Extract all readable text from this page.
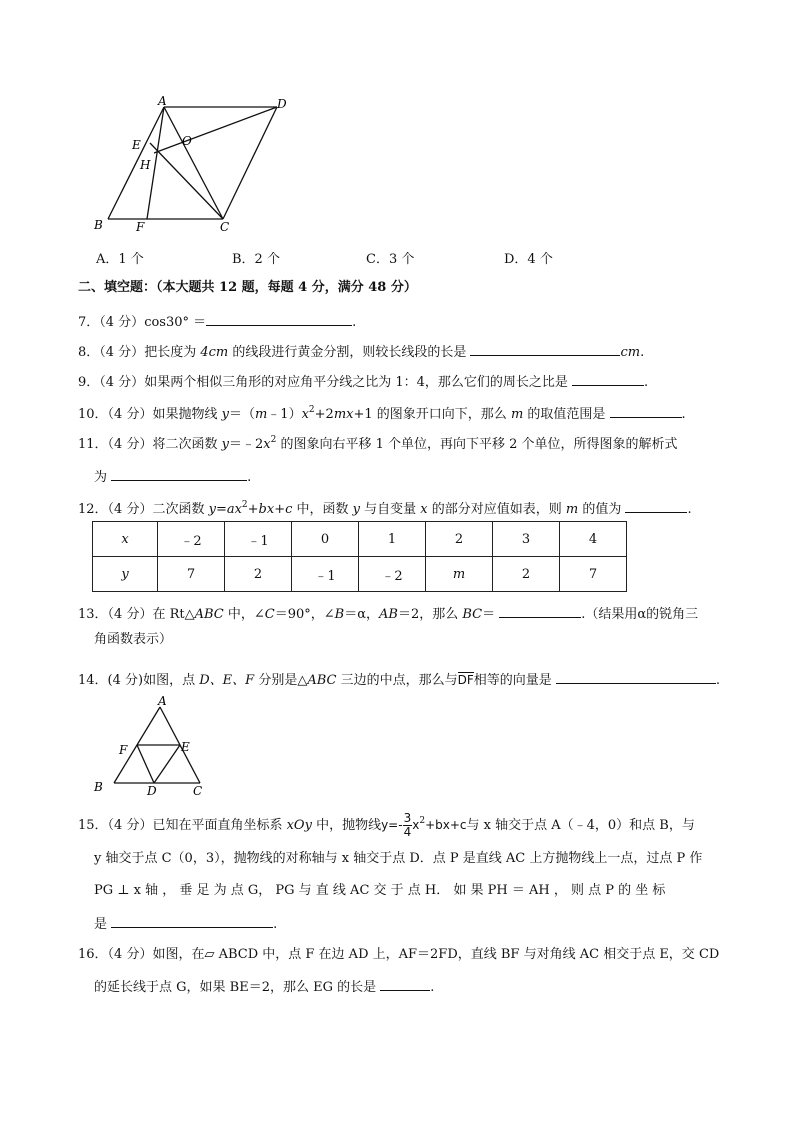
A	D
E
H
O
B	F	C
A．1 个	B．2 个	C．3 个	D．4 个
二、填空题：（本大题共 12 题，每题 4 分，满分 48 分）
7．（4 分）cos30° ＝	.
8．（4 分）把长度为 4cm 的线段进行黄金分割，则较长线段的长是	cm.
9．（4 分）如果两个相似三角形的对应角平分线之比为 1：4，那么它们的周长之比是	.
10．（4 分）如果抛物线 $y=(m﹣1)x^2+2mx+1$ 的图象开口向下，那么 m 的取值范围是	.
11．（4 分）将二次函数 $y=﹣2x^2$ 的图象向右平移 1 个单位，再向下平移 2 个单位，所得图象的解析式
为	.
12．（4 分）二次函数 $y=ax^2+bx+c$ 中，函数 y 与自变量 x 的部分对应值如表，则 m 的值为	.
x	﹣2	﹣1	0	1	2	3	4
y	7	2	﹣1	﹣2	m	2	7
13．（4 分）在 Rt△ABC 中，∠C＝90°，∠B＝α，AB＝2，那么 BC＝	.（结果用α的锐角三
角函数表示）
14．(4 分)如图，点 D、E、F 分别是△ABC 三边的中点，那么与DF相等的向量是	.
A
F	E
B	D	C
15．（4 分）已知在平面直角坐标系 xOy 中，抛物线$y=- \frac{3}{4} x^2+bx+c$与 x 轴交于点 A（﹣4，0）和点 B，与
y 轴交于点 C（0，3），抛物线的对称轴与 x 轴交于点 D．点 P 是直线 AC 上方抛物线上一点，过点 P 作
PG ⊥ x 轴 ， 垂 足 为 点 G， PG 与 直 线 AC 交 于 点 H． 如 果 PH ＝ AH ， 则 点 P 的 坐 标
是	.
16．（4 分）如图，在▱ ABCD 中，点 F 在边 AD 上，AF＝2FD，直线 BF 与对角线 AC 相交于点 E，交 CD
的延长线于点 G，如果 BE＝2，那么 EG 的长是	.
